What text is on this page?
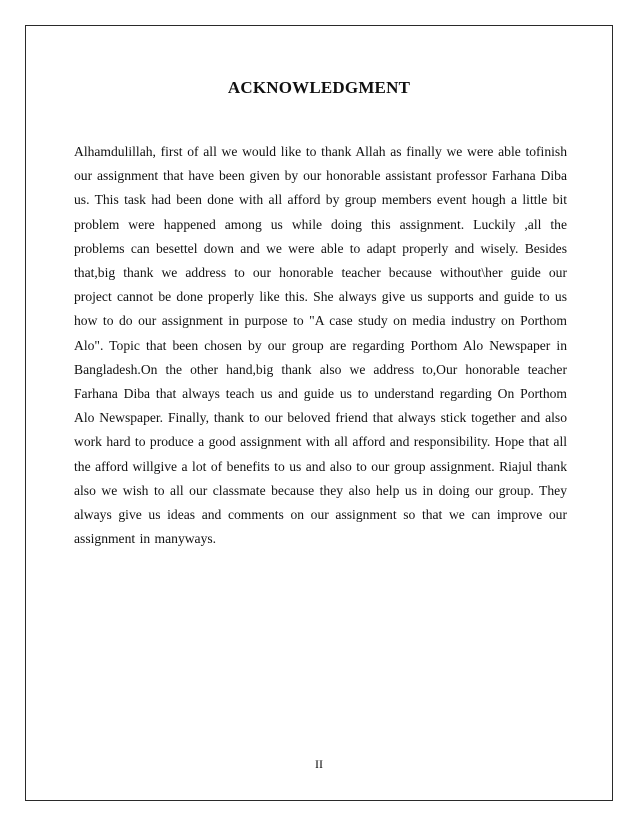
ACKNOWLEDGMENT

Alhamdulillah, first of all we would like to thank Allah as finally we were able tofinish our assignment that have been given by our honorable assistant professor Farhana Diba us. This task had been done with all afford by group members event hough a little bit problem were happened among us while doing this assignment. Luckily ,all the problems can besettel down and we were able to adapt properly and wisely. Besides that,big thank we address to our honorable teacher because without\her guide our project cannot be done properly like this. She always give us supports and guide to us how to do our assignment in purpose to "A case study on media industry on Porthom Alo". Topic that been chosen by our group are regarding Porthom Alo Newspaper in Bangladesh.On the other hand,big thank also we address to,Our honorable teacher Farhana Diba that always teach us and guide us to understand regarding On Porthom Alo Newspaper. Finally, thank to our beloved friend that always stick together and also work hard to produce a good assignment with all afford and responsibility. Hope that all the afford willgive a lot of benefits to us and also to our group assignment. Riajul thank also we wish to all our classmate because they also help us in doing our group. They always give us ideas and comments on our assignment so that we can improve our assignment in manyways.

II
